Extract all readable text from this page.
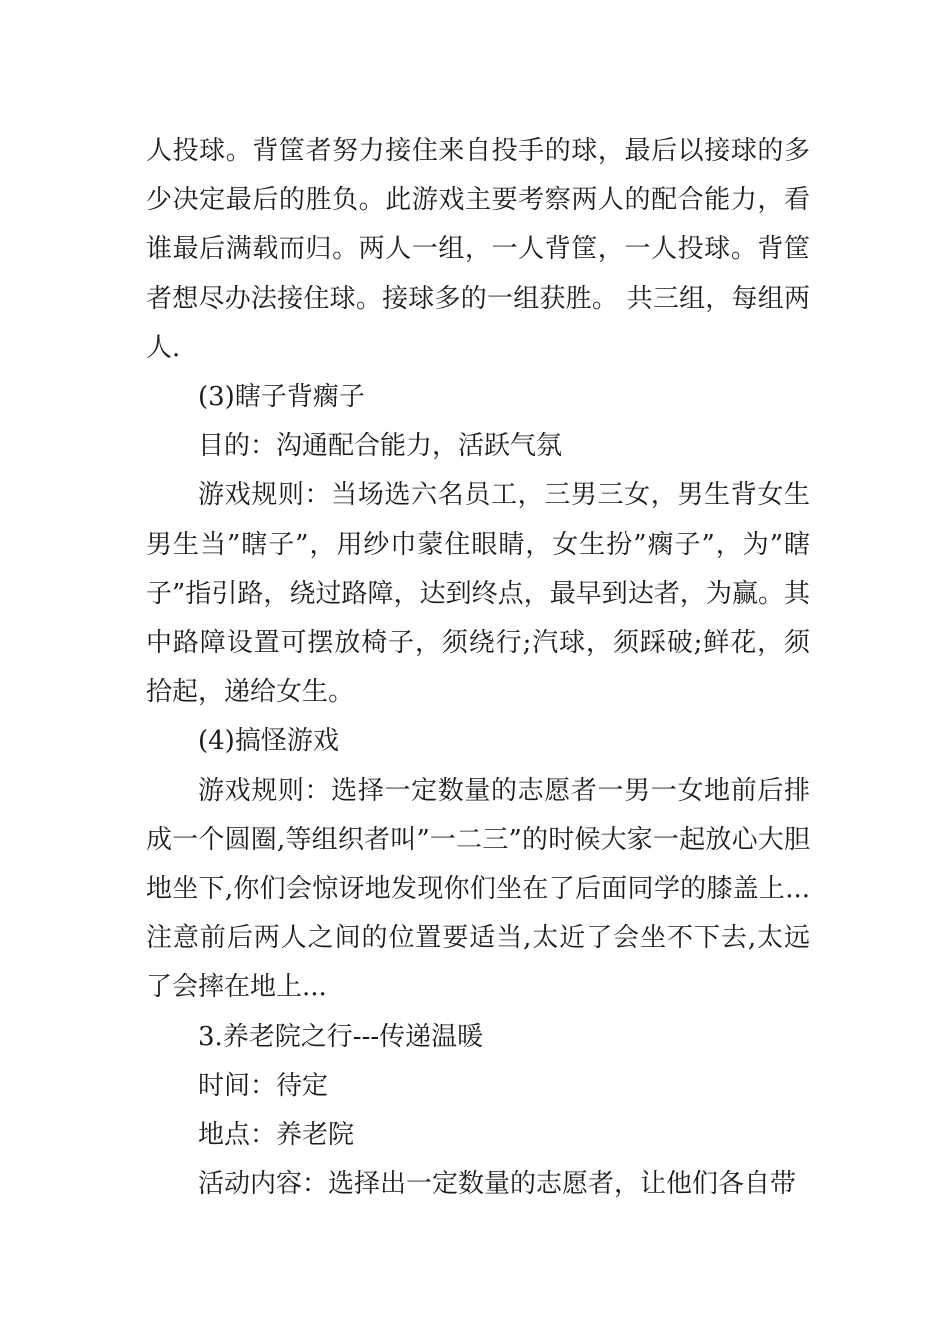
人投球。背筐者努力接住来自投手的球，最后以接球的多少决定最后的胜负。此游戏主要考察两人的配合能力，看谁最后满载而归。两人一组，一人背筐，一人投球。背筐者想尽办法接住球。接球多的一组获胜。 共三组，每组两人.

(3)瞎子背瘸子

目的：沟通配合能力，活跃气氛

游戏规则：当场选六名员工，三男三女，男生背女生男生当”瞎子”，用纱巾蒙住眼睛，女生扮”瘸子”，为”瞎子”指引路，绕过路障，达到终点，最早到达者，为赢。其中路障设置可摆放椅子，须绕行;汽球，须踩破;鲜花，须拾起，递给女生。

(4)搞怪游戏

游戏规则：选择一定数量的志愿者一男一女地前后排成一个圆圈,等组织者叫”一二三”的时候大家一起放心大胆地坐下,你们会惊讶地发现你们坐在了后面同学的膝盖上...注意前后两人之间的位置要适当,太近了会坐不下去,太远了会摔在地上...

3.养老院之行---传递温暖

时间：待定

地点：养老院

活动内容：选择出一定数量的志愿者，让他们各自带
